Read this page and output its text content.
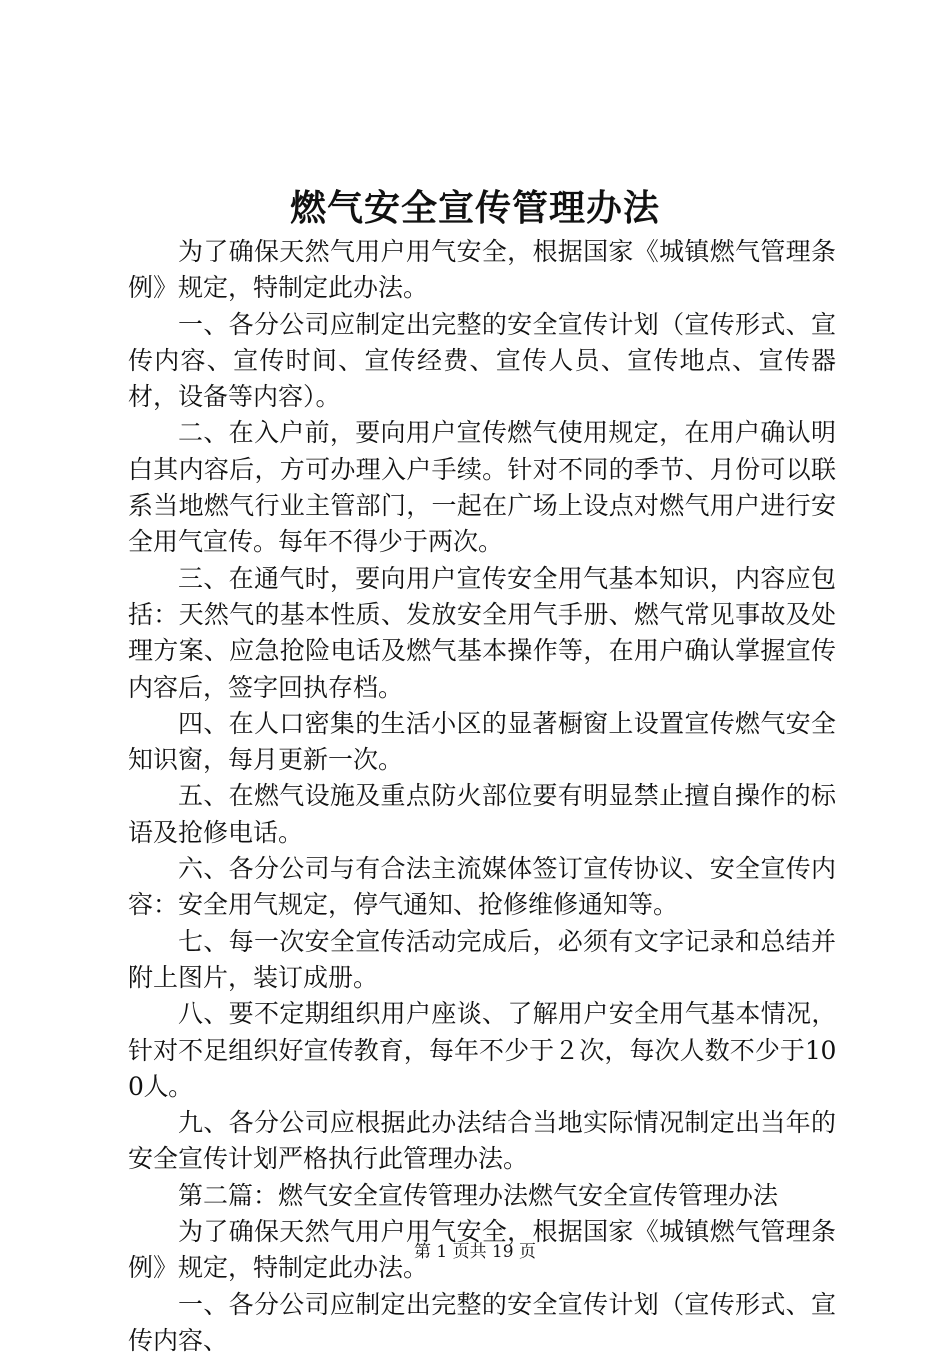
燃气安全宣传管理办法

为了确保天然气用户用气安全，根据国家《城镇燃气管理条例》规定，特制定此办法。

一、各分公司应制定出完整的安全宣传计划（宣传形式、宣传内容、宣传时间、宣传经费、宣传人员、宣传地点、宣传器材，设备等内容）。

二、在入户前，要向用户宣传燃气使用规定，在用户确认明白其内容后，方可办理入户手续。针对不同的季节、月份可以联系当地燃气行业主管部门，一起在广场上设点对燃气用户进行安全用气宣传。每年不得少于两次。

三、在通气时，要向用户宣传安全用气基本知识，内容应包括：天然气的基本性质、发放安全用气手册、燃气常见事故及处理方案、应急抢险电话及燃气基本操作等，在用户确认掌握宣传内容后，签字回执存档。

四、在人口密集的生活小区的显著橱窗上设置宣传燃气安全知识窗，每月更新一次。

五、在燃气设施及重点防火部位要有明显禁止擅自操作的标语及抢修电话。

六、各分公司与有合法主流媒体签订宣传协议、安全宣传内容：安全用气规定，停气通知、抢修维修通知等。

七、每一次安全宣传活动完成后，必须有文字记录和总结并附上图片，装订成册。

八、要不定期组织用户座谈、了解用户安全用气基本情况，针对不足组织好宣传教育，每年不少于２次，每次人数不少于100人。

九、各分公司应根据此办法结合当地实际情况制定出当年的安全宣传计划严格执行此管理办法。

第二篇：燃气安全宣传管理办法燃气安全宣传管理办法

为了确保天然气用户用气安全，根据国家《城镇燃气管理条例》规定，特制定此办法。

一、各分公司应制定出完整的安全宣传计划（宣传形式、宣传内容、

第 1 页共 19 页
